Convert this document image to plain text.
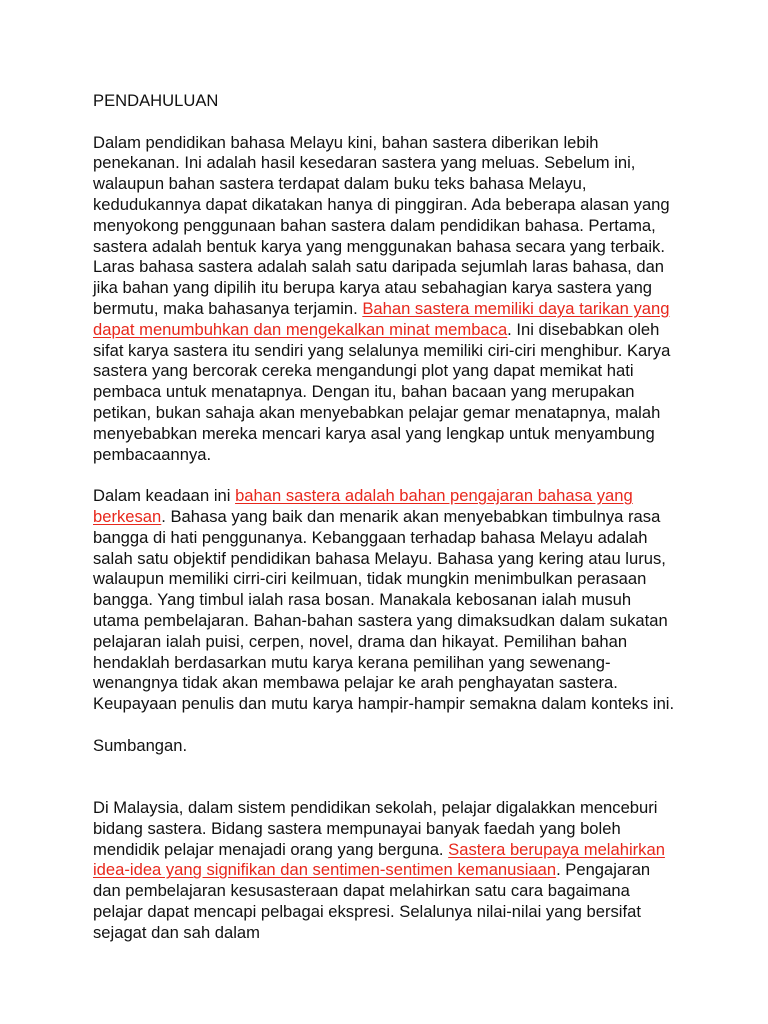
PENDAHULUAN

Dalam pendidikan bahasa Melayu kini, bahan sastera diberikan lebih penekanan. Ini adalah hasil kesedaran sastera yang meluas. Sebelum ini, walaupun bahan sastera terdapat dalam buku teks bahasa Melayu, kedudukannya dapat dikatakan hanya di pinggiran. Ada beberapa alasan yang menyokong penggunaan bahan sastera dalam pendidikan bahasa. Pertama, sastera adalah bentuk karya yang menggunakan bahasa secara yang terbaik. Laras bahasa sastera adalah salah satu daripada sejumlah laras bahasa, dan jika bahan yang dipilih itu berupa karya atau sebahagian karya sastera yang bermutu, maka bahasanya terjamin. Bahan sastera memiliki daya tarikan yang dapat menumbuhkan dan mengekalkan minat membaca. Ini disebabkan oleh sifat karya sastera itu sendiri yang selalunya memiliki ciri-ciri menghibur. Karya sastera yang bercorak cereka mengandungi plot yang dapat memikat hati pembaca untuk menatapnya. Dengan itu, bahan bacaan yang merupakan petikan, bukan sahaja akan menyebabkan pelajar gemar menatapnya, malah menyebabkan mereka mencari karya asal yang lengkap untuk menyambung pembacaannya.

Dalam keadaan ini bahan sastera adalah bahan pengajaran bahasa yang berkesan. Bahasa yang baik dan menarik akan menyebabkan timbulnya rasa bangga di hati penggunanya. Kebanggaan terhadap bahasa Melayu adalah salah satu objektif pendidikan bahasa Melayu. Bahasa yang kering atau lurus, walaupun memiliki cirri-ciri keilmuan, tidak mungkin menimbulkan perasaan bangga. Yang timbul ialah rasa bosan. Manakala kebosanan ialah musuh utama pembelajaran. Bahan-bahan sastera yang dimaksudkan dalam sukatan pelajaran ialah puisi, cerpen, novel, drama dan hikayat. Pemilihan bahan hendaklah berdasarkan mutu karya kerana pemilihan yang sewenang-wenangnya tidak akan membawa pelajar ke arah penghayatan sastera. Keupayaan penulis dan mutu karya hampir-hampir semakna dalam konteks ini.

Sumbangan.

Di Malaysia, dalam sistem pendidikan sekolah, pelajar digalakkan menceburi bidang sastera. Bidang sastera mempunayai banyak faedah yang boleh mendidik pelajar menajadi orang yang berguna. Sastera berupaya melahirkan idea-idea yang signifikan dan sentimen-sentimen kemanusiaan. Pengajaran dan pembelajaran kesusasteraan dapat melahirkan satu cara bagaimana pelajar dapat mencapi pelbagai ekspresi. Selalunya nilai-nilai yang bersifat sejagat dan sah dalam
